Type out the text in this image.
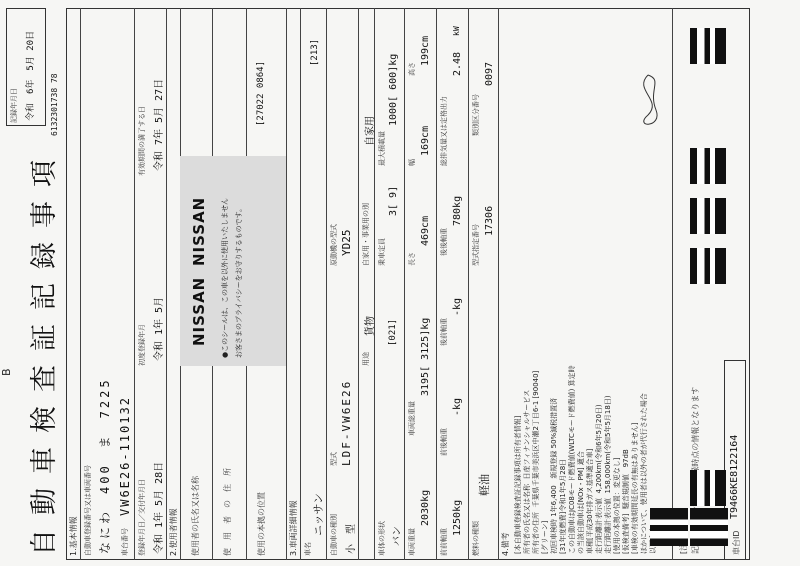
B 自動車検査証記録事項
記録年月日 令和　6年　5月 20日 6132301738 78
1.基本情報 自動車登録番号又は車両番号 なにわ　400　ま　7225 車台番号
VW6E26-110132
登録年月日／交付年月日 令和 1年 5月 28日
初度登録年月 令和 1年 5月
有効期間の満了する日 令和 7年 5月 27日
2.使用者情報 使用者の氏名又は名称	使　用　者　の　住　所	使用の本拠の位置
[27022 0864]
NISSAN
NISSAN ●このシールは、この車を以外に使用いたしません お客さまのプライバシーをお守りするものです。
3.車両詳細情報 車名
ニッサン
[213]
自動車の種別 小　型
型式 LDF-VW6E26
原動機の型式 YD25
用途
貨物
自家用・事業用の別
自家用
車体の形状 バン
[021]
乗車定員
3[ 9]
最大積載量
1000[ 600]kg
車両重量
2030kg
車両総重量
3195[ 3125]kg
長さ
469cm
幅
169cm
高さ
199cm
前前軸重
1250kg
前後軸重
-kg
後前軸重
-kg
後後軸重
780kg
総排気量又は定格出力
2.48
kW
燃料の種類
軽油
型式指定番号
17306
類別区分番号
0097
4.備考 [本自動車登録検査証記録事項は所有者情報]
所有者の氏名又は名称  日産フィナンシャルサービス
所有者の住所  千葉県千葉市美浜区中瀬2丁目6-1 [90040]
[グリーン]
初回車検時 1年6,400   新規登録 50%減税措置済
[31年度燃費]令和1年5月28日
この自動車はJC08モード燃費値(WLTCモード燃費値) 算定時
の当該自動車は[NOx・PM] 適合
車種[平成30年排ガス基準適合車]
走行距離計表示値  4,200km(令和6年5月20日)
走行距離計表示値  158,000km(令和5年5月18日)
[使用の本拠の位置：変更なし]
[仮検査備考]  騒音規制値   97dB
[車検の有効期間延長の有無はありません]
ほかについて、使用者は以外の者が代行された場合	車台ID
T9466KE8122164
